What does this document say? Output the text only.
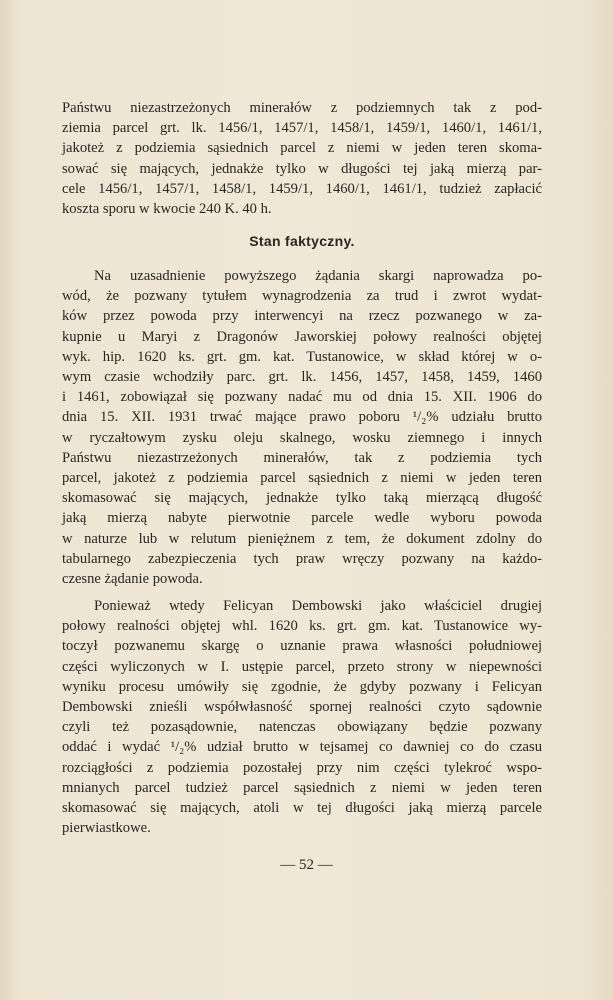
Państwu niezastrzeżonych minerałów z podziemnych tak z pod-
ziemia parcel grt. lk. 1456/1, 1457/1, 1458/1, 1459/1, 1460/1, 1461/1,
jakoteż z podziemia sąsiednich parcel z niemi w jeden teren skoma-
sować się mających, jednakże tylko w długości tej jaką mierzą par-
cele 1456/1, 1457/1, 1458/1, 1459/1, 1460/1, 1461/1, tudzież zapłacić
koszta sporu w kwocie 240 K. 40 h.
Stan faktyczny.
Na uzasadnienie powyższego żądania skargi naprowadza po-
wód, że pozwany tytułem wynagrodzenia za trud i zwrot wydat-
ków przez powoda przy interwencyi na rzecz pozwanego w za-
kupnie u Maryi z Dragonów Jaworskiej połowy realności objętej
wyk. hip. 1620 ks. grt. gm. kat. Tustanowice, w skład której w o-
wym czasie wchodziły parc. grt. lk. 1456, 1457, 1458, 1459, 1460
i 1461, zobowiązał się pozwany nadać mu od dnia 15. XII. 1906 do
dnia 15. XII. 1931 trwać mające prawo poboru ¹/₂% udziału brutto
w ryczałtowym zysku oleju skalnego, wosku ziemnego i innych
Państwu niezastrzeżonych minerałów, tak z podziemia tych
parcel, jakoteż z podziemia parcel sąsiednich z niemi w jeden teren
skomasować się mających, jednakże tylko taką mierzącą długość
jaką mierzą nabyte pierwotnie parcele wedle wyboru powoda
w naturze lub w relutum pieniężnem z tem, że dokument zdolny do
tabularnego zabezpieczenia tych praw wręczy pozwany na każdo-
czesne żądanie powoda.
Ponieważ wtedy Felicyan Dembowski jako właściciel drugiej
połowy realności objętej whl. 1620 ks. grt. gm. kat. Tustanowice wy-
toczył pozwanemu skargę o uznanie prawa własności południowej
części wyliczonych w I. ustępie parcel, przeto strony w niepewności
wyniku procesu umówiły się zgodnie, że gdyby pozwany i Felicyan
Dembowski znieśli współwłasność spornej realności czyto sądownie
czyli też pozasądownie, natenczas obowiązany będzie pozwany
oddać i wydać ¹/₂% udział brutto w tejsamej co dawniej co do czasu
rozciągłości z podziemia pozostałej przy nim części tylekroć wspo-
mnianych parcel tudzież parcel sąsiednich z niemi w jeden teren
skomasować się mających, atoli w tej długości jaką mierzą parcele
pierwiastkowe.
— 52 —
